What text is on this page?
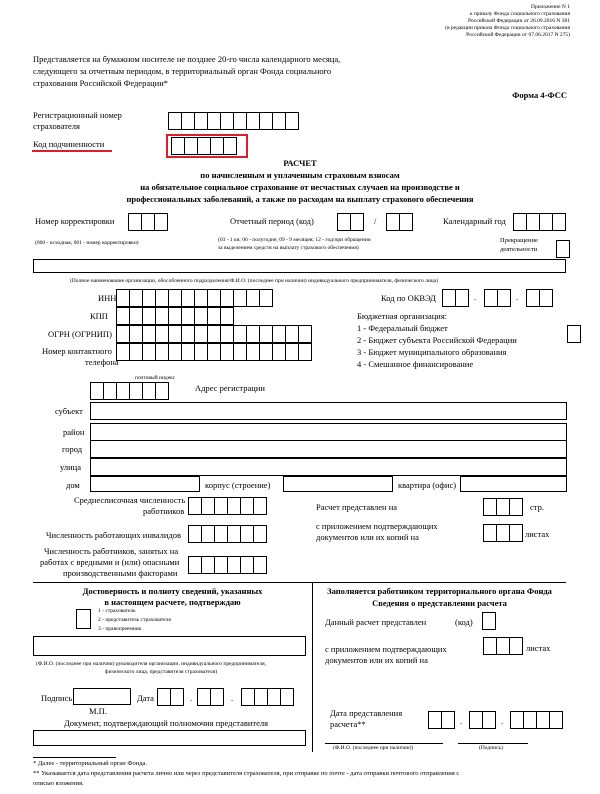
Приложение N 1
к приказу Фонда социального страхования
Российской Федерации от 26.09.2016 N 381
(в редакции приказа Фонда социального страхования
Российской Федерации от 07.06.2017 N 275)
Представляется на бумажном носителе не позднее 20-го числа календарного месяца,
следующего за отчетным периодом, в территориальный орган Фонда социального
страхования Российской Федерации*
Форма 4-ФСС
Регистрационный номер
страхователя
Код подчиненности
РАСЧЕТ
по начисленным и уплаченным страховым взносам
на обязательное социальное страхование от несчастных случаев на производстве и
профессиональных заболеваний, а также по расходам на выплату страхового обеспечения
Номер корректировки
(000 - исходная, 001 - номер корректировки)
Отчетный период (код)	/
(03 - 1 кв; 06 - полугодие; 09 - 9 месяцев; 12 - год/при обращении
за выделением средств на выплату страхового обеспечения)
Календарный год
Прекращение
деятельности
(Полное наименование организации, обособленного подразделения/Ф.И.О. (последнее при наличии) индивидуального предпринимателя, физического лица)
ИНН	Код по ОКВЭД	.	.
КПП
ОГРН (ОГРНИП)
Номер контактного
телефона
Бюджетная организация:
1 - Федеральный бюджет
2 - Бюджет субъекта Российской Федерации
3 - Бюджет муниципального образования
4 - Смешанное финансирование
почтовый индекс
Адрес регистрации
субъект
район
город
улица
дом	корпус (строение)	квартира (офис)
Среднесписочная численность
работников
Численность работающих инвалидов
Численность работников, занятых на
работах с вредными и (или) опасными
производственными факторами
Расчет представлен на	стр.
с приложением подтверждающих
документов или их копий на	листах
Достоверность и полноту сведений, указанных
в настоящем расчете, подтверждаю
1 - страхователь
2 - представитель страхователя
3 - правопреемник
(Ф.И.О. (последнее при наличии) руководителя организации, индивидуального предпринимателя,
физического лица, представителя страхователя)
Подпись	Дата	.	.
М.П.
Документ, подтверждающий полномочия представителя
Заполняется работником территориального органа Фонда
Сведения о представлении расчета
Данный расчет представлен	(код)
с приложением подтверждающих
документов или их копий на
листах
Дата представления
расчета**	.	.
(Ф.И.О. (последнее при наличии))	(Подпись)
* Далее - территориальный орган Фонда.
** Указывается дата представления расчета лично или через представителя страхователя, при отправке по почте - дата отправки почтового отправления с
описью вложения.
